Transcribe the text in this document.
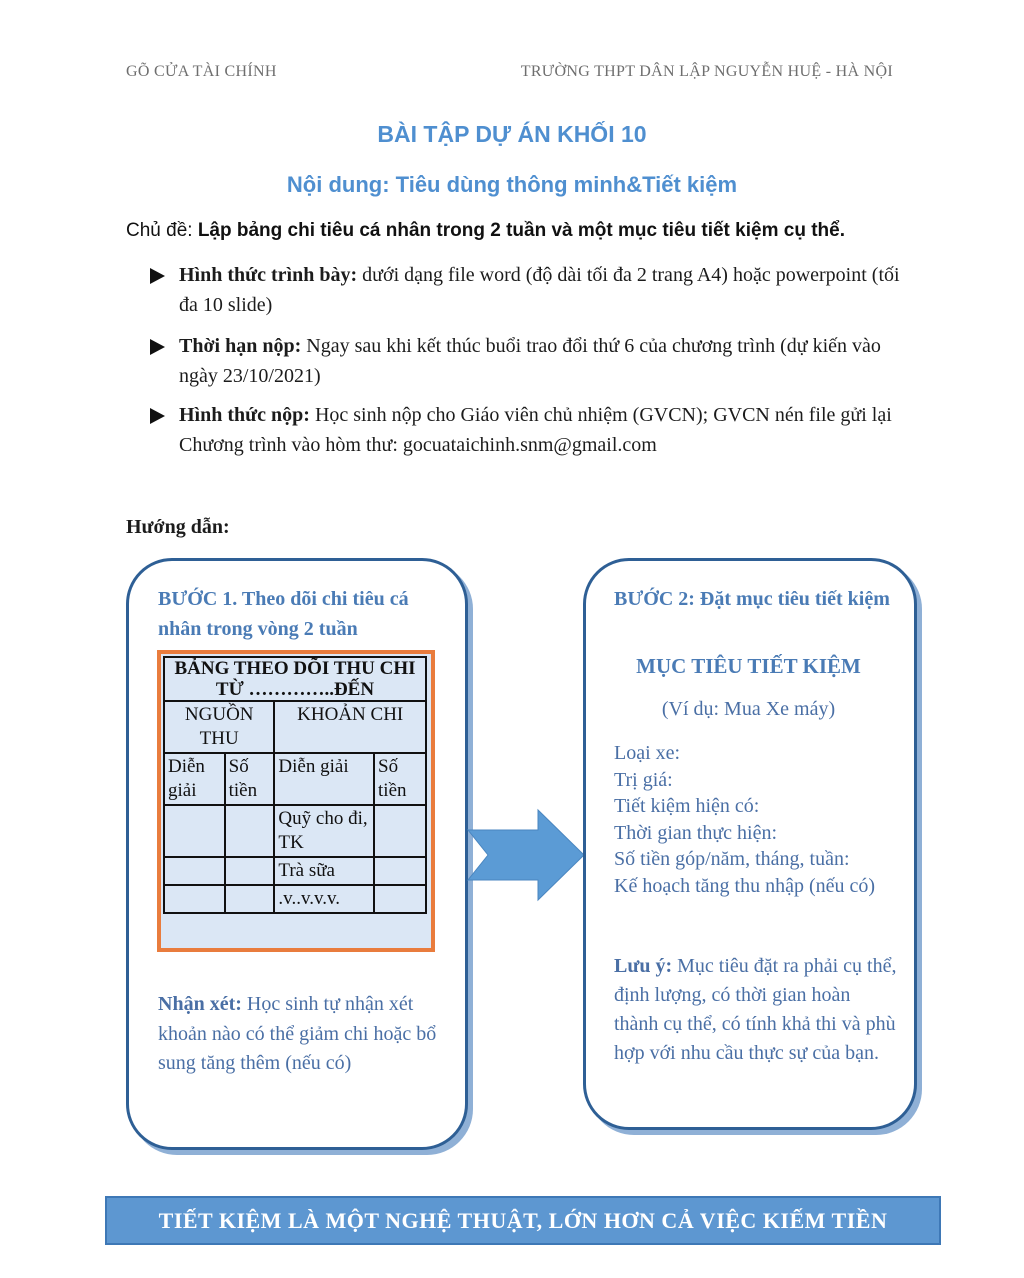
GÕ CỬA TÀI CHÍNH	TRƯỜNG THPT DÂN LẬP NGUYỄN HUỆ - HÀ NỘI
BÀI TẬP DỰ ÁN KHỐI 10
Nội dung: Tiêu dùng thông minh&Tiết kiệm
Chủ đề: Lập bảng chi tiêu cá nhân trong 2 tuần và một mục tiêu tiết kiệm cụ thể.
Hình thức trình bày: dưới dạng file word (độ dài tối đa 2 trang A4) hoặc powerpoint (tối đa 10 slide)
Thời hạn nộp: Ngay sau khi kết thúc buổi trao đổi thứ 6 của chương trình (dự kiến vào ngày 23/10/2021)
Hình thức nộp: Học sinh nộp cho Giáo viên chủ nhiệm (GVCN); GVCN nén file gửi lại Chương trình vào hòm thư: gocuataichinh.snm@gmail.com
Hướng dẫn:
BƯỚC 1. Theo dõi chi tiêu cá nhân trong vòng 2 tuần
BẢNG THEO DÕI THU CHI TỪ …………..ĐẾN			
NGUỒN THU		KHOẢN CHI	
Diễn giải	Số tiền	Diễn giải	Số tiền
		Quỹ cho đi, TK	
		Trà sữa	
		.v..v.v.v.	
Nhận xét: Học sinh tự nhận xét khoản nào có thể giảm chi hoặc bổ sung tăng thêm (nếu có)
BƯỚC 2: Đặt mục tiêu tiết kiệm
MỤC TIÊU TIẾT KIỆM
(Ví dụ: Mua Xe máy)
Loại xe:
Trị giá:
Tiết kiệm hiện có:
Thời gian thực hiện:
Số tiền góp/năm, tháng, tuần:
Kế hoạch tăng thu nhập (nếu có)
Lưu ý: Mục tiêu đặt ra phải cụ thể, định lượng, có thời gian hoàn thành cụ thể, có tính khả thi và phù hợp với nhu cầu thực sự của bạn.
TIẾT KIỆM LÀ MỘT NGHỆ THUẬT, LỚN HƠN CẢ VIỆC KIẾM TIỀN
